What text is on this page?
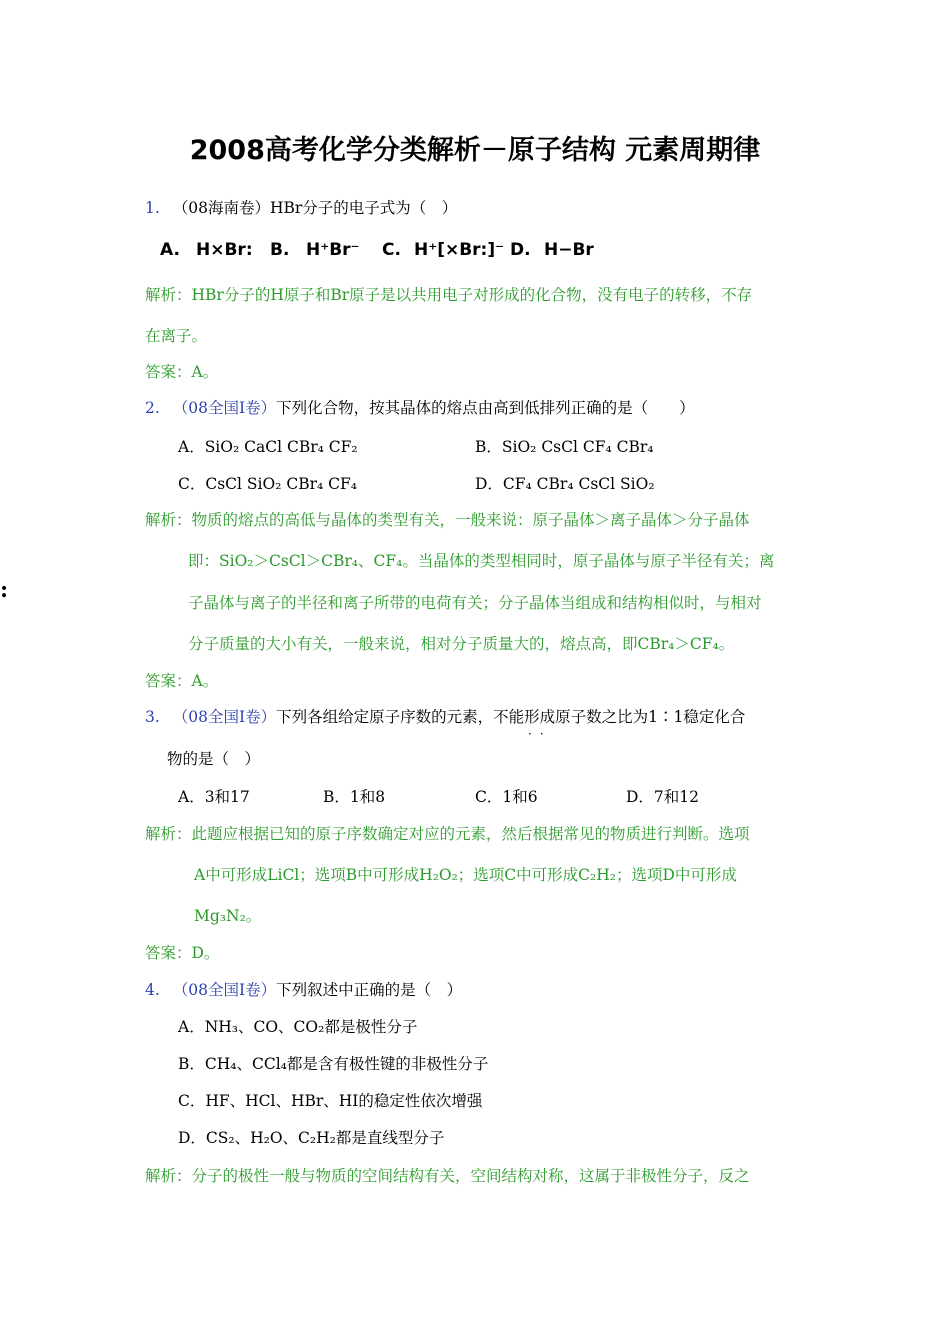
2008高考化学分类解析－原子结构 元素周期律
1. （08海南卷）HBr分子的电子式为（　）
A. H×Br: B. H⁺Br⁻ C. H⁺[×Br:]⁻ D. H−Br
解析：HBr分子的H原子和Br原子是以共用电子对形成的化合物，没有电子的转移，不存
在离子。
答案：A。
2. （08全国Ⅰ卷）下列化合物，按其晶体的熔点由高到低排列正确的是（　　）
A．SiO₂ CaCl CBr₄ CF₂	B．SiO₂ CsCl CF₄ CBr₄
C．CsCl SiO₂ CBr₄ CF₄	D．CF₄ CBr₄ CsCl SiO₂
解析：物质的熔点的高低与晶体的类型有关，一般来说：原子晶体＞离子晶体＞分子晶体
即：SiO₂＞CsCl＞CBr₄、CF₄。当晶体的类型相同时，原子晶体与原子半径有关；离
子晶体与离子的半径和离子所带的电荷有关；分子晶体当组成和结构相似时，与相对
分子质量的大小有关，一般来说，相对分子质量大的，熔点高，即CBr₄＞CF₄。
答案：A。
:
3. （08全国Ⅰ卷）下列各组给定原子序数的元素，不能形成原子数之比为1∶1稳定化合
··
物的是（　）
A．3和17	B．1和8	C．1和6	D．7和12
解析：此题应根据已知的原子序数确定对应的元素，然后根据常见的物质进行判断。选项
A中可形成LiCl；选项B中可形成H₂O₂；选项C中可形成C₂H₂；选项D中可形成
Mg₃N₂。
答案：D。
4. （08全国Ⅰ卷）下列叙述中正确的是（　）
A．NH₃、CO、CO₂都是极性分子
B．CH₄、CCl₄都是含有极性键的非极性分子
C．HF、HCl、HBr、HI的稳定性依次增强
D．CS₂、H₂O、C₂H₂都是直线型分子
解析：分子的极性一般与物质的空间结构有关，空间结构对称，这属于非极性分子，反之
